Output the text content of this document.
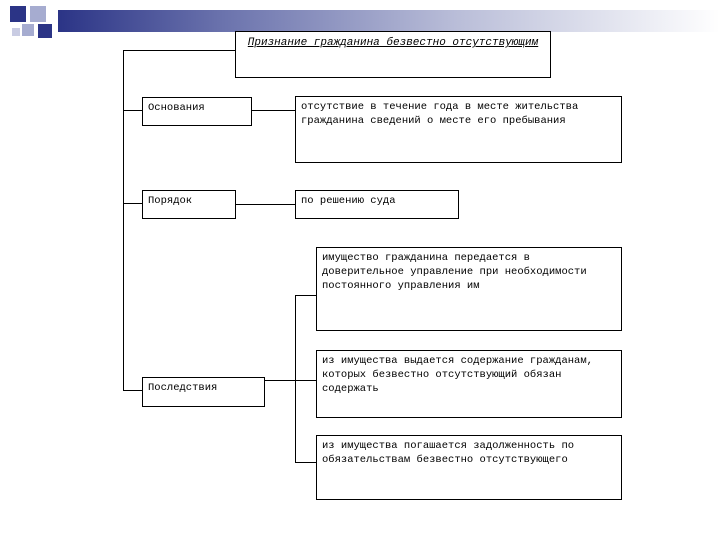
Признание гражданина безвестно отсутствующим
Основания	отсутствие в течение года в месте жительства гражданина сведений о месте его пребывания
Порядок	по решению суда
Последствия
имущество гражданина передается в доверительное управление при необходимости постоянного управления им
из имущества выдается содержание гражданам, которых безвестно отсутствующий обязан содержать
из имущества погашается задолженность по обязательствам безвестно отсутствующего
